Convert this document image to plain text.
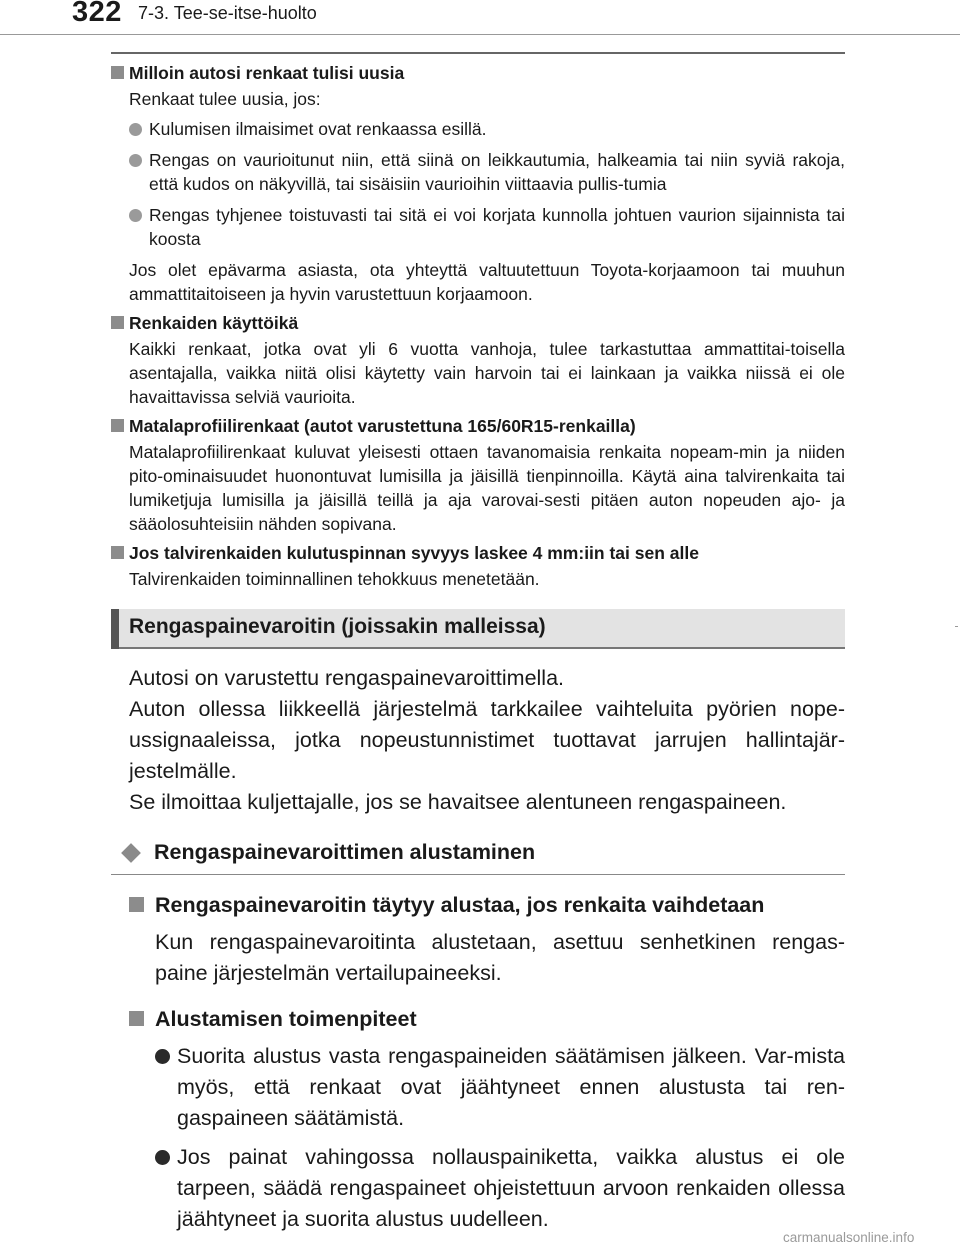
322 7-3. Tee-se-itse-huolto
Milloin autosi renkaat tulisi uusia
Renkaat tulee uusia, jos:
Kulumisen ilmaisimet ovat renkaassa esillä.
Rengas on vaurioitunut niin, että siinä on leikkautumia, halkeamia tai niin syviä rakoja, että kudos on näkyvillä, tai sisäisiin vaurioihin viittaavia pullis-tumia
Rengas tyhjenee toistuvasti tai sitä ei voi korjata kunnolla johtuen vaurion sijainnista tai koosta
Jos olet epävarma asiasta, ota yhteyttä valtuutettuun Toyota-korjaamoon tai muuhun ammattitaitoiseen ja hyvin varustettuun korjaamoon.
Renkaiden käyttöikä
Kaikki renkaat, jotka ovat yli 6 vuotta vanhoja, tulee tarkastuttaa ammattitai-toisella asentajalla, vaikka niitä olisi käytetty vain harvoin tai ei lainkaan ja vaikka niissä ei ole havaittavissa selviä vaurioita.
Matalaprofiilirenkaat (autot varustettuna 165/60R15-renkailla)
Matalaprofiilirenkaat kuluvat yleisesti ottaen tavanomaisia renkaita nopeam-min ja niiden pito-ominaisuudet huonontuvat lumisilla ja jäisillä tienpinnoilla. Käytä aina talvirenkaita tai lumiketjuja lumisilla ja jäisillä teillä ja aja varovai-sesti pitäen auton nopeuden ajo- ja sääolosuhteisiin nähden sopivana.
Jos talvirenkaiden kulutuspinnan syvyys laskee 4 mm:iin tai sen alle
Talvirenkaiden toiminnallinen tehokkuus menetetään.
Rengaspainevaroitin (joissakin malleissa)
Autosi on varustettu rengaspainevaroittimella.
Auton ollessa liikkeellä järjestelmä tarkkailee vaihteluita pyörien nope-ussignaaleissa, jotka nopeustunnistimet tuottavat jarrujen hallintajär-jestelmälle.
Se ilmoittaa kuljettajalle, jos se havaitsee alentuneen rengaspaineen.
Rengaspainevaroittimen alustaminen
Rengaspainevaroitin täytyy alustaa, jos renkaita vaihdetaan
Kun rengaspainevaroitinta alustetaan, asettuu senhetkinen rengas-paine järjestelmän vertailupaineeksi.
Alustamisen toimenpiteet
Suorita alustus vasta rengaspaineiden säätämisen jälkeen. Var-mista myös, että renkaat ovat jäähtyneet ennen alustusta tai ren-gaspaineen säätämistä.
Jos painat vahingossa nollauspainiketta, vaikka alustus ei ole tarpeen, säädä rengaspaineet ohjeistettuun arvoon renkaiden ollessa jäähtyneet ja suorita alustus uudelleen.
carmanualsonline.info
